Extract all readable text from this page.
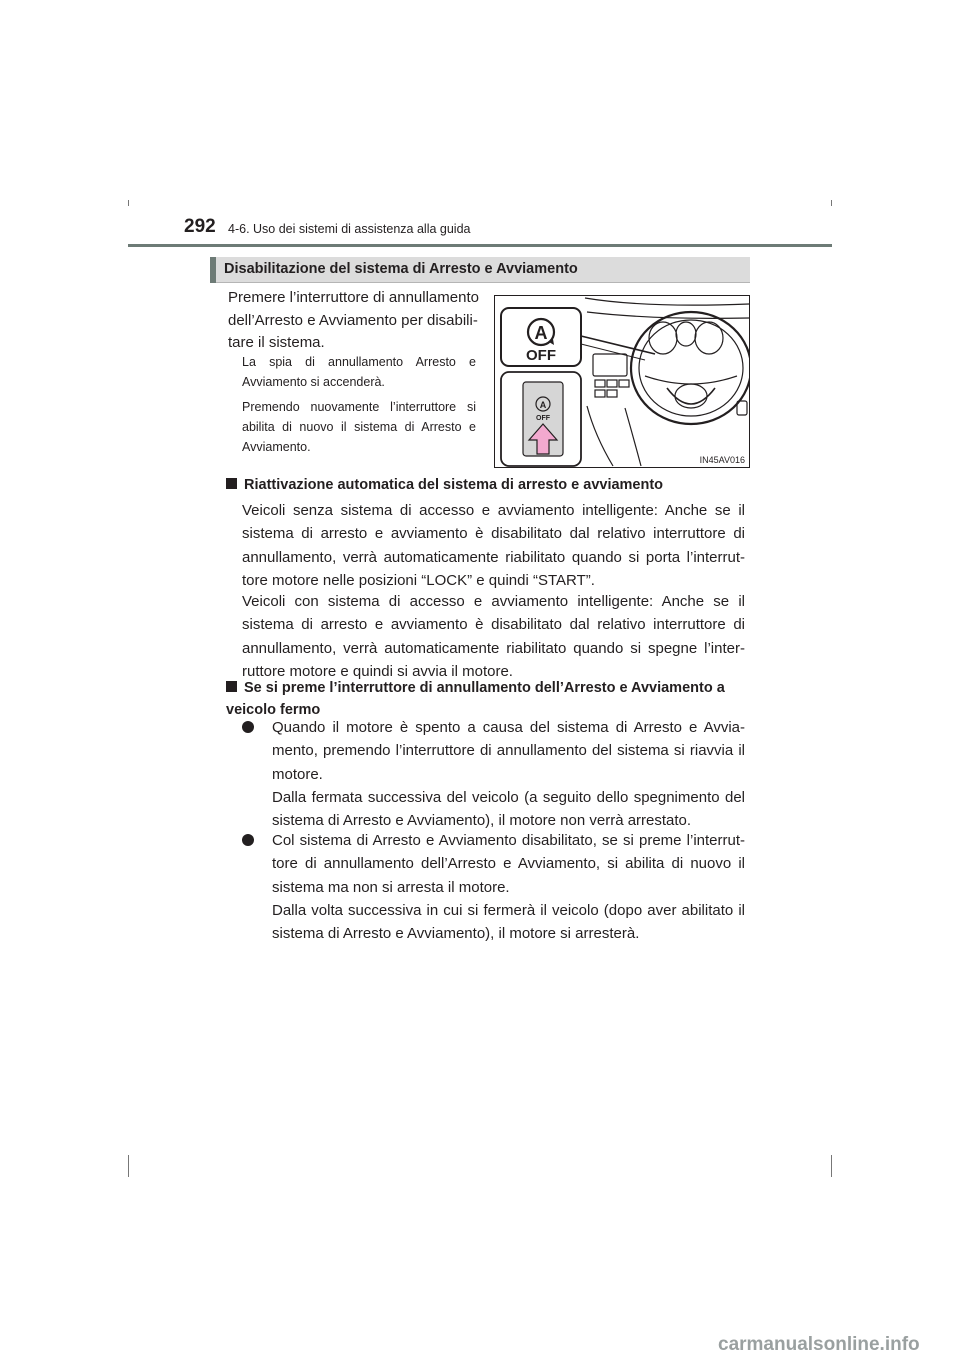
292 4-6. Uso dei sistemi di assistenza alla guida
Disabilitazione del sistema di Arresto e Avviamento
Premere l’interruttore di annullamento dell’Arresto e Avviamento per disabili-tare il sistema.
La spia di annullamento Arresto e Avviamento si accenderà.
Premendo nuovamente l’interruttore si abilita di nuovo il sistema di Arresto e Avviamento.
A
OFF
A
OFF
IN45AV016
Riattivazione automatica del sistema di arresto e avviamento
Veicoli senza sistema di accesso e avviamento intelligente: Anche se il sistema di arresto e avviamento è disabilitato dal relativo interruttore di annullamento, verrà automaticamente riabilitato quando si porta l’interrut-tore motore nelle posizioni “LOCK” e quindi “START”.
Veicoli con sistema di accesso e avviamento intelligente: Anche se il sistema di arresto e avviamento è disabilitato dal relativo interruttore di annullamento, verrà automaticamente riabilitato quando si spegne l’inter-ruttore motore e quindi si avvia il motore.
Se si preme l’interruttore di annullamento dell’Arresto e Avviamento a veicolo fermo

Quando il motore è spento a causa del sistema di Arresto e Avvia-mento, premendo l’interruttore di annullamento del sistema si riavvia il motore.

Dalla fermata successiva del veicolo (a seguito dello spegnimento del sistema di Arresto e Avviamento), il motore non verrà arrestato.

Col sistema di Arresto e Avviamento disabilitato, se si preme l’interrut-tore di annullamento dell’Arresto e Avviamento, si abilita di nuovo il sistema ma non si arresta il motore.

Dalla volta successiva in cui si fermerà il veicolo (dopo aver abilitato il sistema di Arresto e Avviamento), il motore si arresterà.

carmanualsonline.info
